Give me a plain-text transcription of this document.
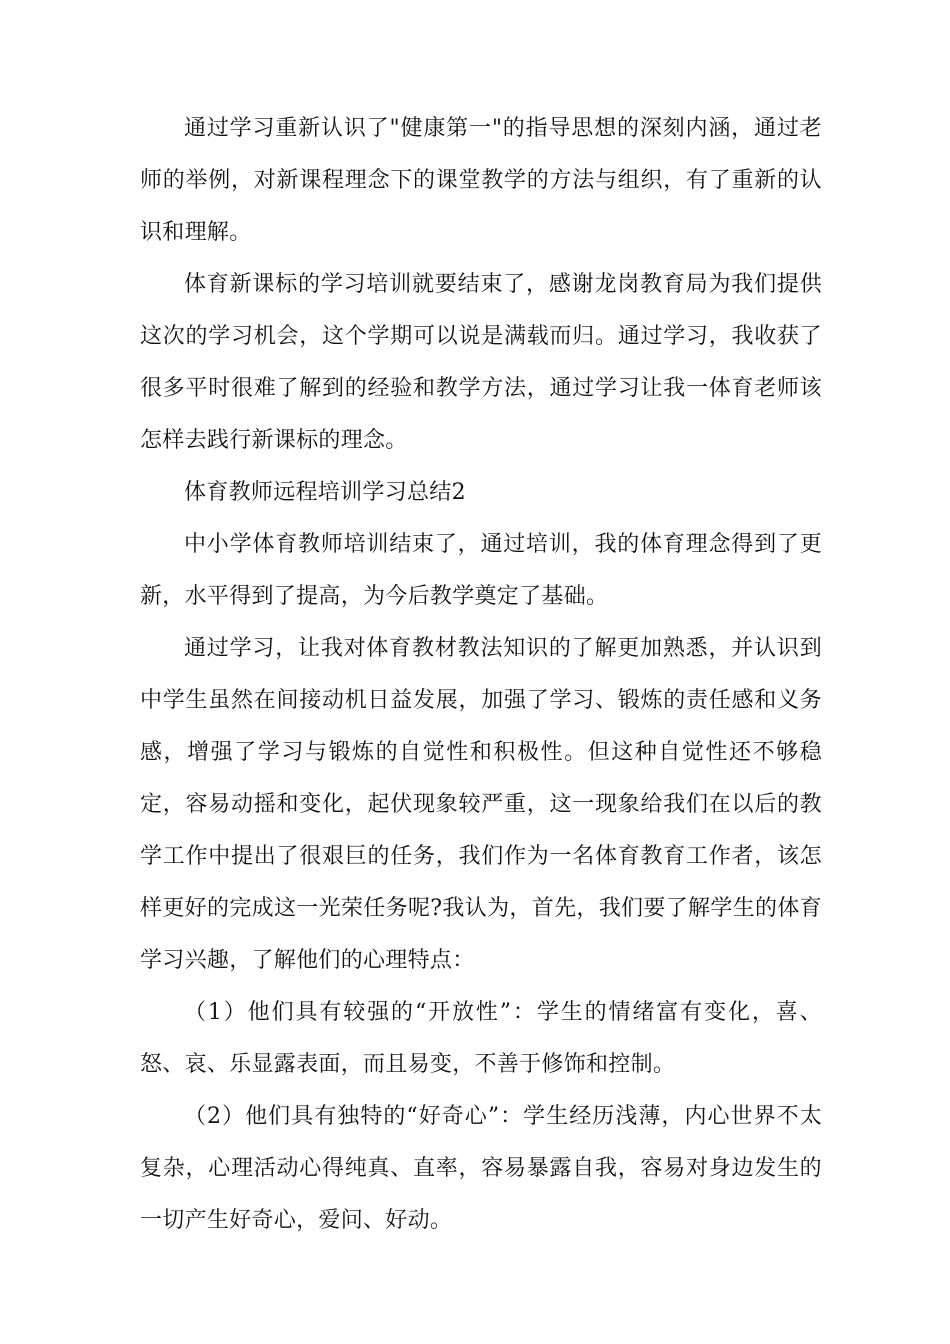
通过学习重新认识了"健康第一"的指导思想的深刻内涵，通过老师的举例，对新课程理念下的课堂教学的方法与组织，有了重新的认识和理解。

体育新课标的学习培训就要结束了，感谢龙岗教育局为我们提供这次的学习机会，这个学期可以说是满载而归。通过学习，我收获了很多平时很难了解到的经验和教学方法，通过学习让我一体育老师该怎样去践行新课标的理念。

体育教师远程培训学习总结2

中小学体育教师培训结束了，通过培训，我的体育理念得到了更新，水平得到了提高，为今后教学奠定了基础。

通过学习，让我对体育教材教法知识的了解更加熟悉，并认识到中学生虽然在间接动机日益发展，加强了学习、锻炼的责任感和义务感，增强了学习与锻炼的自觉性和积极性。但这种自觉性还不够稳定，容易动摇和变化，起伏现象较严重，这一现象给我们在以后的教学工作中提出了很艰巨的任务，我们作为一名体育教育工作者，该怎样更好的完成这一光荣任务呢?我认为，首先，我们要了解学生的体育学习兴趣，了解他们的心理特点：

（1）他们具有较强的“开放性”：学生的情绪富有变化，喜、怒、哀、乐显露表面，而且易变，不善于修饰和控制。

（2）他们具有独特的“好奇心”：学生经历浅薄，内心世界不太复杂，心理活动心得纯真、直率，容易暴露自我，容易对身边发生的一切产生好奇心，爱问、好动。
